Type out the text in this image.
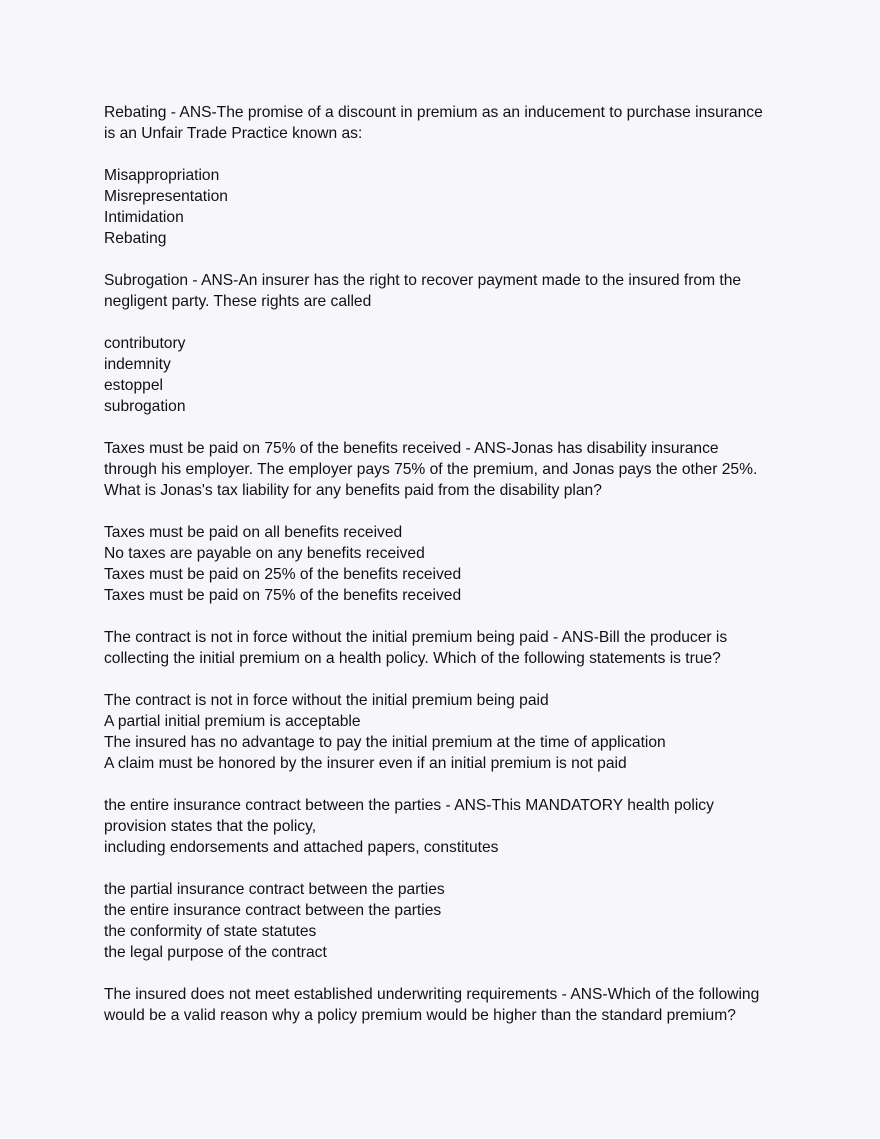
Rebating - ANS-The promise of a discount in premium as an inducement to purchase insurance
is an Unfair Trade Practice known as:
Misappropriation
Misrepresentation
Intimidation
Rebating
Subrogation - ANS-An insurer has the right to recover payment made to the insured from the
negligent party. These rights are called
contributory
indemnity
estoppel
subrogation
Taxes must be paid on 75% of the benefits received - ANS-Jonas has disability insurance
through his employer. The employer pays 75% of the premium, and Jonas pays the other 25%.
What is Jonas's tax liability for any benefits paid from the disability plan?
Taxes must be paid on all benefits received
No taxes are payable on any benefits received
Taxes must be paid on 25% of the benefits received
Taxes must be paid on 75% of the benefits received
The contract is not in force without the initial premium being paid - ANS-Bill the producer is
collecting the initial premium on a health policy. Which of the following statements is true?
The contract is not in force without the initial premium being paid
A partial initial premium is acceptable
The insured has no advantage to pay the initial premium at the time of application
A claim must be honored by the insurer even if an initial premium is not paid
the entire insurance contract between the parties - ANS-This MANDATORY health policy
provision states that the policy,
including endorsements and attached papers, constitutes
the partial insurance contract between the parties
the entire insurance contract between the parties
the conformity of state statutes
the legal purpose of the contract
The insured does not meet established underwriting requirements - ANS-Which of the following
would be a valid reason why a policy premium would be higher than the standard premium?
